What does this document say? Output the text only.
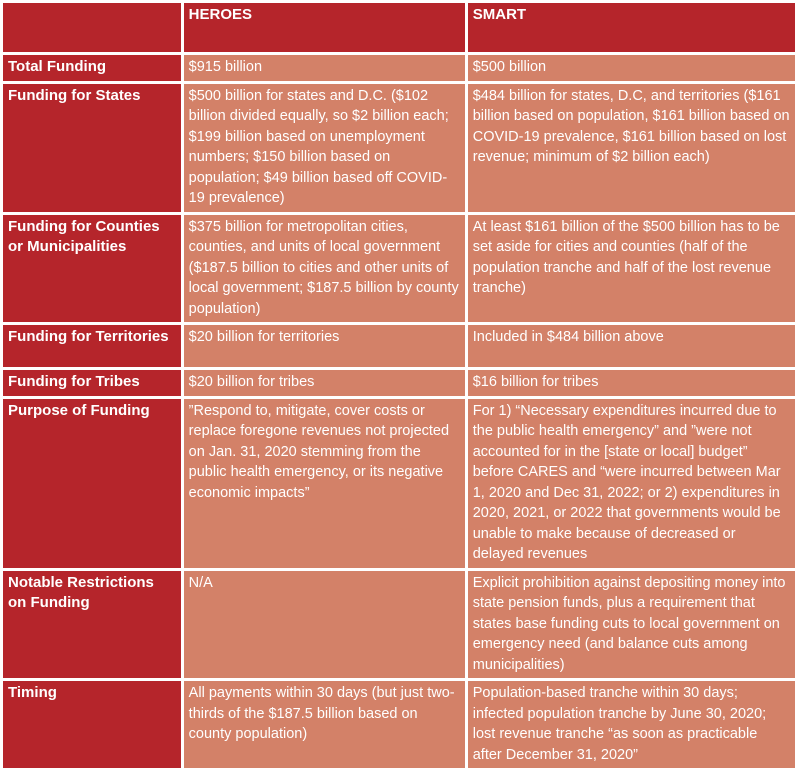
	HEROES	SMART
Total Funding	$915 billion	$500 billion
Funding for States	$500 billion for states and D.C. ($102 billion divided equally, so $2 billion each; $199 billion based on unemployment numbers; $150 billion based on population; $49 billion based off COVID-19 prevalence)	$484 billion for states, D.C, and territories ($161 billion based on population, $161 billion based on COVID-19 prevalence, $161 billion based on lost revenue; minimum of $2 billion each)
Funding for Counties or Municipalities	$375 billion for metropolitan cities, counties, and units of local government ($187.5 billion to cities and other units of local government; $187.5 billion by county population)	At least $161 billion of the $500 billion has to be set aside for cities and counties (half of the population tranche and half of the lost revenue tranche)
Funding for Territories	$20 billion for territories	Included in $484 billion above
Funding for Tribes	$20 billion for tribes	$16 billion for tribes
Purpose of Funding	”Respond to, mitigate, cover costs or replace foregone revenues not projected on Jan. 31, 2020 stemming from the public health emergency, or its negative economic impacts”	For 1) “Necessary expenditures incurred due to the public health emergency” and ”were not accounted for in the [state or local] budget” before CARES and “were incurred between Mar 1, 2020 and Dec 31, 2022; or 2) expenditures in 2020, 2021, or 2022 that governments would be unable to make because of decreased or delayed revenues
Notable Restrictions on Funding	N/A	Explicit prohibition against depositing money into state pension funds, plus a requirement that states base funding cuts to local government on emergency need (and balance cuts among municipalities)
Timing	All payments within 30 days (but just two-thirds of the $187.5 billion based on county population)	Population-based tranche within 30 days; infected population tranche by June 30, 2020; lost revenue tranche “as soon as practicable after December 31, 2020”
